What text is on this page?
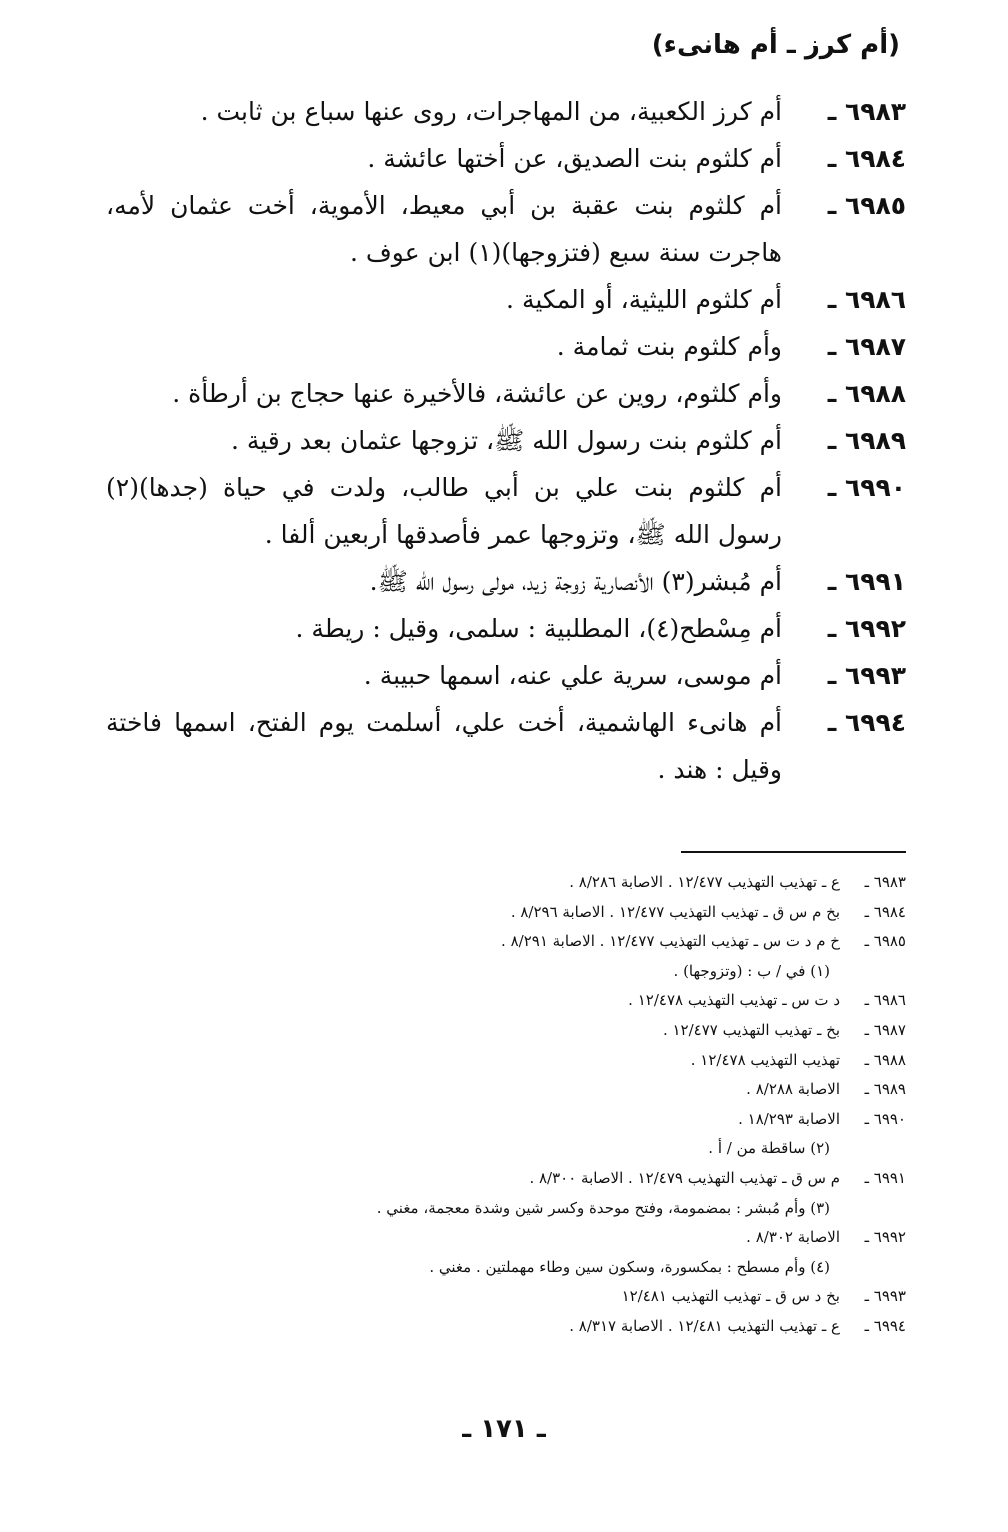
(أم كرز ـ أم هانىء)
٦٩٨٣ ـ
أم كرز الكعبية، من المهاجرات، روى عنها سباع بن ثابت .
٦٩٨٤ ـ
أم كلثوم بنت الصديق، عن أختها عائشة .
٦٩٨٥ ـ
أم كلثوم بنت عقبة بن أبي معيط، الأموية، أخت عثمان لأمه، هاجرت سنة سبع (فتزوجها)(١) ابن عوف .
٦٩٨٦ ـ
أم كلثوم الليثية، أو المكية .
٦٩٨٧ ـ
وأم كلثوم بنت ثمامة .
٦٩٨٨ ـ
وأم كلثوم، روين عن عائشة، فالأخيرة عنها حجاج بن أرطأة .
٦٩٨٩ ـ
أم كلثوم بنت رسول الله ﷺ، تزوجها عثمان بعد رقية .
٦٩٩٠ ـ
أم كلثوم بنت علي بن أبي طالب، ولدت في حياة (جدها)(٢) رسول الله ﷺ، وتزوجها عمر فأصدقها أربعين ألفا .
٦٩٩١ ـ
أم مُبشر(٣) الأنصارية زوجة زيد، مولى رسول الله ﷺ.
٦٩٩٢ ـ
أم مِسْطح(٤)، المطلبية : سلمى، وقيل : ريطة .
٦٩٩٣ ـ
أم موسى، سرية علي عنه، اسمها حبيبة .
٦٩٩٤ ـ
أم هانىء الهاشمية، أخت علي، أسلمت يوم الفتح، اسمها فاختة وقيل : هند .
٦٩٨٣ ـ
ع ـ تهذيب التهذيب ١٢/٤٧٧ . الاصابة ٨/٢٨٦ .
٦٩٨٤ ـ
بخ م س ق ـ تهذيب التهذيب ١٢/٤٧٧ . الاصابة ٨/٢٩٦ .
٦٩٨٥ ـ
خ م د ت س ـ تهذيب التهذيب ١٢/٤٧٧ . الاصابة ٨/٢٩١ .
(١) في / ب : (وتزوجها) .
٦٩٨٦ ـ
د ت س ـ تهذيب التهذيب ١٢/٤٧٨ .
٦٩٨٧ ـ
بخ ـ تهذيب التهذيب ١٢/٤٧٧ .
٦٩٨٨ ـ
تهذيب التهذيب ١٢/٤٧٨ .
٦٩٨٩ ـ
الاصابة ٨/٢٨٨ .
٦٩٩٠ ـ
الاصابة ١٨/٢٩٣ .
(٢) ساقطة من / أ .
٦٩٩١ ـ
م س ق ـ تهذيب التهذيب ١٢/٤٧٩ . الاصابة ٨/٣٠٠ .
(٣) وأم مُبشر : بمضمومة، وفتح موحدة وكسر شين وشدة معجمة، مغني .
٦٩٩٢ ـ
الاصابة ٨/٣٠٢ .
(٤) وأم مسطح : بمكسورة، وسكون سين وطاء مهملتين . مغني .
٦٩٩٣ ـ
بخ د س ق ـ تهذيب التهذيب ١٢/٤٨١
٦٩٩٤ ـ
ع ـ تهذيب التهذيب ١٢/٤٨١ . الاصابة ٨/٣١٧ .
ـ ١٧١ ـ
